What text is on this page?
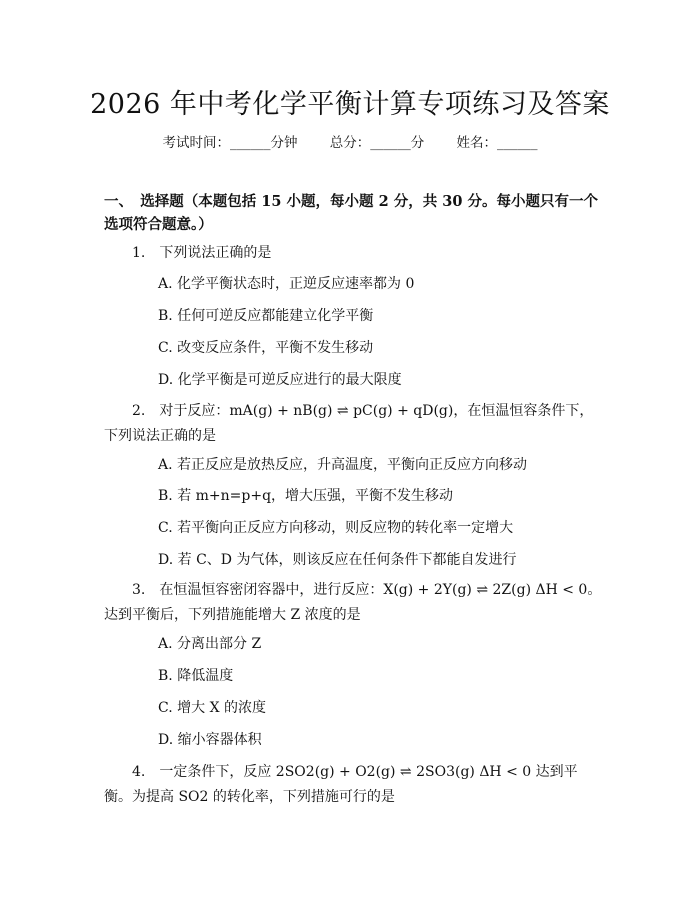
2026 年中考化学平衡计算专项练习及答案
考试时间：______分钟 总分：______分 姓名：______
一、　选择题（本题包括 15 小题，每小题 2 分，共 30 分。每小题只有一个选项符合题意。）
1.　下列说法正确的是
A. 化学平衡状态时，正逆反应速率都为 0
B. 任何可逆反应都能建立化学平衡
C. 改变反应条件，平衡不发生移动
D. 化学平衡是可逆反应进行的最大限度
2.　对于反应：mA(g) + nB(g) ⇌ pC(g) + qD(g)，在恒温恒容条件下，下列说法正确的是
A. 若正反应是放热反应，升高温度，平衡向正反应方向移动
B. 若 m+n=p+q，增大压强，平衡不发生移动
C. 若平衡向正反应方向移动，则反应物的转化率一定增大
D. 若 C、D 为气体，则该反应在任何条件下都能自发进行
3.　在恒温恒容密闭容器中，进行反应：X(g) + 2Y(g) ⇌ 2Z(g) ΔH < 0。达到平衡后，下列措施能增大 Z 浓度的是
A. 分离出部分 Z
B. 降低温度
C. 增大 X 的浓度
D. 缩小容器体积
4.　一定条件下，反应 2SO2(g) + O2(g) ⇌ 2SO3(g) ΔH < 0 达到平衡。为提高 SO2 的转化率，下列措施可行的是
